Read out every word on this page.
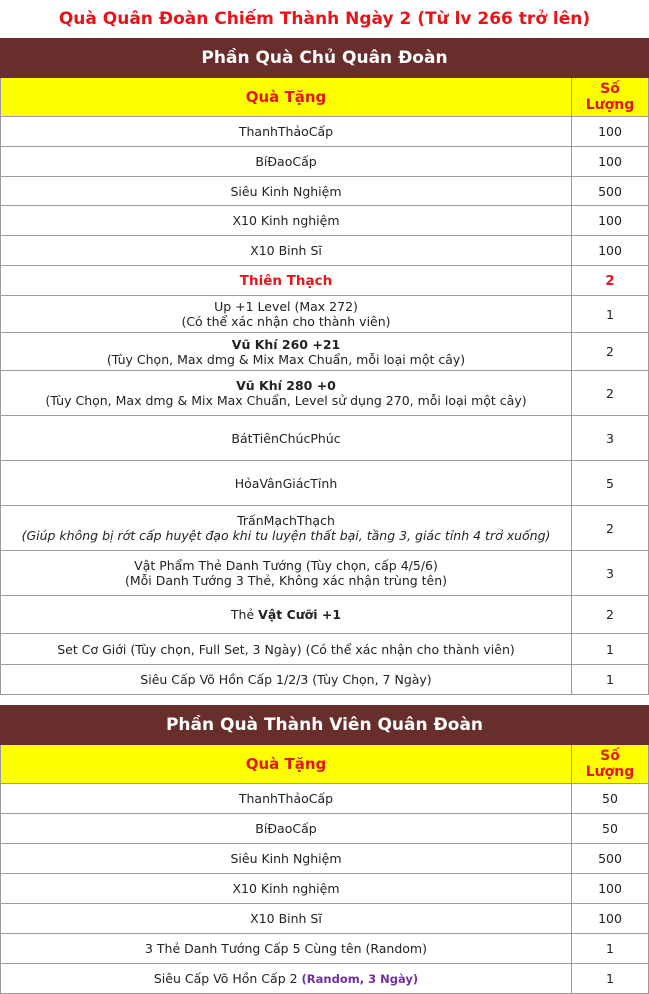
Quà Quân Đoàn Chiếm Thành Ngày 2 (Từ lv 266 trở lên)
Phần Quà Chủ Quân Đoàn	
Quà Tặng	Số Lượng
ThanhThảoCấp	100
BíĐaoCấp	100
Siêu Kinh Nghiệm	500
X10 Kinh nghiệm	100
X10 Binh Sĩ	100
Thiên Thạch	2

Up +1 Level (Max 272)
(Có thể xác nhận cho thành viên)	1

Vũ Khí 260 +21
(Tùy Chọn, Max dmg & Mix Max Chuẩn, mỗi loại một cây)	2

Vũ Khí 280 +0
(Tùy Chọn, Max dmg & Mix Max Chuẩn, Level sử dụng 270, mỗi loại một cây)	2
BátTiênChúcPhúc	3
HỏaVânGiácTỉnh	5

TrấnMạchThạch
(Giúp không bị rớt cấp huyệt đạo khi tu luyện thất bại, tầng 3, giác tỉnh 4 trở xuống)	2

Vật Phẩm Thẻ Danh Tướng (Tùy chọn, cấp 4/5/6)
(Mỗi Danh Tướng 3 Thẻ, Không xác nhận trùng tên)	3
Thẻ Vật Cưỡi +1	2
Set Cơ Giới (Tùy chọn, Full Set, 3 Ngày) (Có thể xác nhận cho thành viên)	1
Siêu Cấp Võ Hồn Cấp 1/2/3 (Tùy Chọn, 7 Ngày)	1
Phần Quà Thành Viên Quân Đoàn	
Quà Tặng	Số Lượng
ThanhThảoCấp	50
BíĐaoCấp	50
Siêu Kinh Nghiệm	500
X10 Kinh nghiệm	100
X10 Binh Sĩ	100
3 Thẻ Danh Tướng Cấp 5 Cùng tên (Random)	1
Siêu Cấp Võ Hồn Cấp 2 (Random, 3 Ngày)	1
